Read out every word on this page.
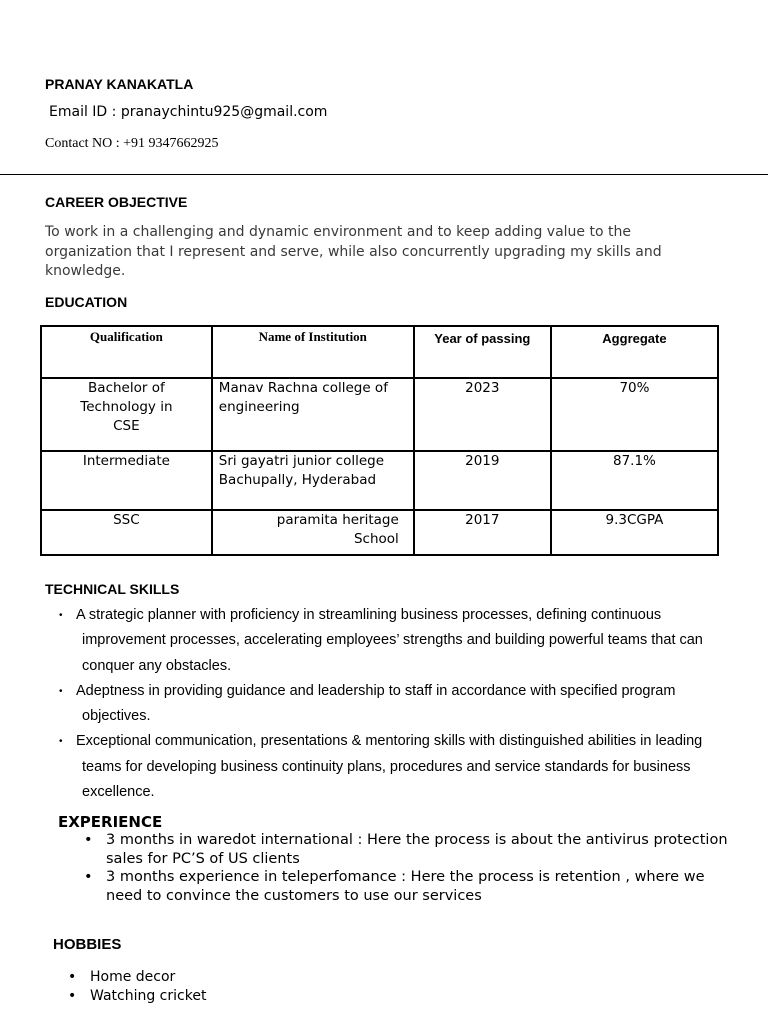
PRANAY KANAKATLA
Email ID : pranaychintu925@gmail.com
Contact NO : +91 9347662925
CAREER OBJECTIVE
To work in a challenging and dynamic environment and to keep adding value to the organization that I represent and serve, while also concurrently upgrading my skills and knowledge.
EDUCATION
Qualification	Name of Institution	Year of passing	Aggregate

Bachelor of Technology in CSE	Manav Rachna college of engineering	2023	70%
Intermediate	Sri gayatri junior college Bachupally, Hyderabad	2019	87.1%
SSC	paramita heritage School	2017	9.3CGPA
TECHNICAL SKILLS
• A strategic planner with proficiency in streamlining business processes, defining continuous improvement processes, accelerating employees’ strengths and building powerful teams that can conquer any obstacles.
• Adeptness in providing guidance and leadership to staff in accordance with specified program objectives.
• Exceptional communication, presentations & mentoring skills with distinguished abilities in leading teams for developing business continuity plans, procedures and service standards for business excellence.
EXPERIENCE
• 3 months in waredot international : Here the process is about the antivirus protection sales for PC’S of US clients
• 3 months experience in teleperfomance : Here the process is retention , where we need to convince the customers to use our services
HOBBIES
• Home decor
• Watching cricket
